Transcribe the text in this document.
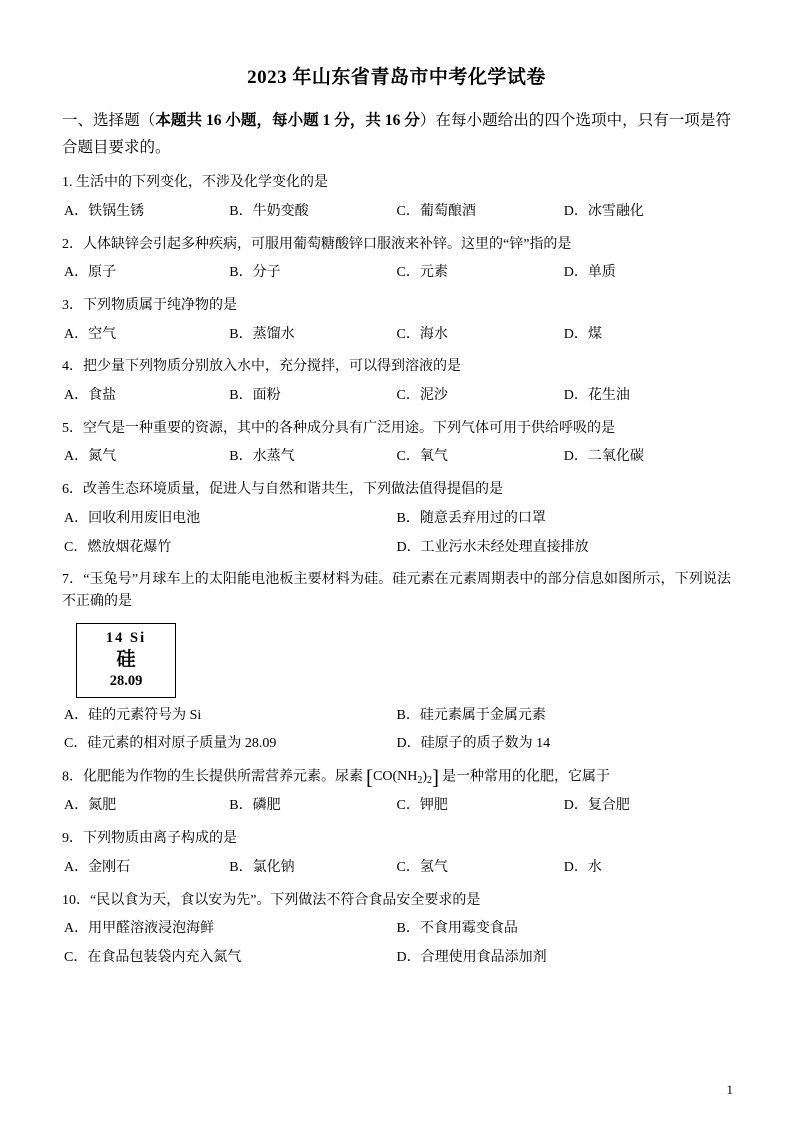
2023 年山东省青岛市中考化学试卷
一、选择题（本题共 16 小题，每小题 1 分，共 16 分）在每小题给出的四个选项中，只有一项是符合题目要求的。
1. 生活中的下列变化，不涉及化学变化的是
A．铁锅生锈	B．牛奶变酸	C．葡萄酿酒	D．冰雪融化
2．人体缺锌会引起多种疾病，可服用葡萄糖酸锌口服液来补锌。这里的“锌”指的是
A．原子	B．分子	C．元素	D．单质
3．下列物质属于纯净物的是
A．空气	B．蒸馏水	C．海水	D．煤
4．把少量下列物质分别放入水中，充分搅拌，可以得到溶液的是
A．食盐	B．面粉	C．泥沙	D．花生油
5．空气是一种重要的资源，其中的各种成分具有广泛用途。下列气体可用于供给呼吸的是
A．氮气	B．水蒸气	C．氧气	D．二氧化碳
6．改善生态环境质量，促进人与自然和谐共生，下列做法值得提倡的是
A．回收利用废旧电池	B．随意丢弃用过的口罩
C．燃放烟花爆竹	D．工业污水未经处理直接排放
7．“玉兔号”月球车上的太阳能电池板主要材料为硅。硅元素在元素周期表中的部分信息如图所示，下列说法不正确的是
14 Si
硅
28.09
A．硅的元素符号为 Si	B．硅元素属于金属元素
C．硅元素的相对原子质量为 28.09	D．硅原子的质子数为 14
8．化肥能为作物的生长提供所需营养元素。尿素 $[CO(NH_2)_2]$ 是一种常用的化肥，它属于
A．氮肥	B．磷肥	C．钾肥	D．复合肥
9．下列物质由离子构成的是
A．金刚石	B．氯化钠	C．氢气	D．水
10．“民以食为天，食以安为先”。下列做法不符合食品安全要求的是
A．用甲醛溶液浸泡海鲜	B．不食用霉变食品
C．在食品包装袋内充入氮气	D．合理使用食品添加剂
1
